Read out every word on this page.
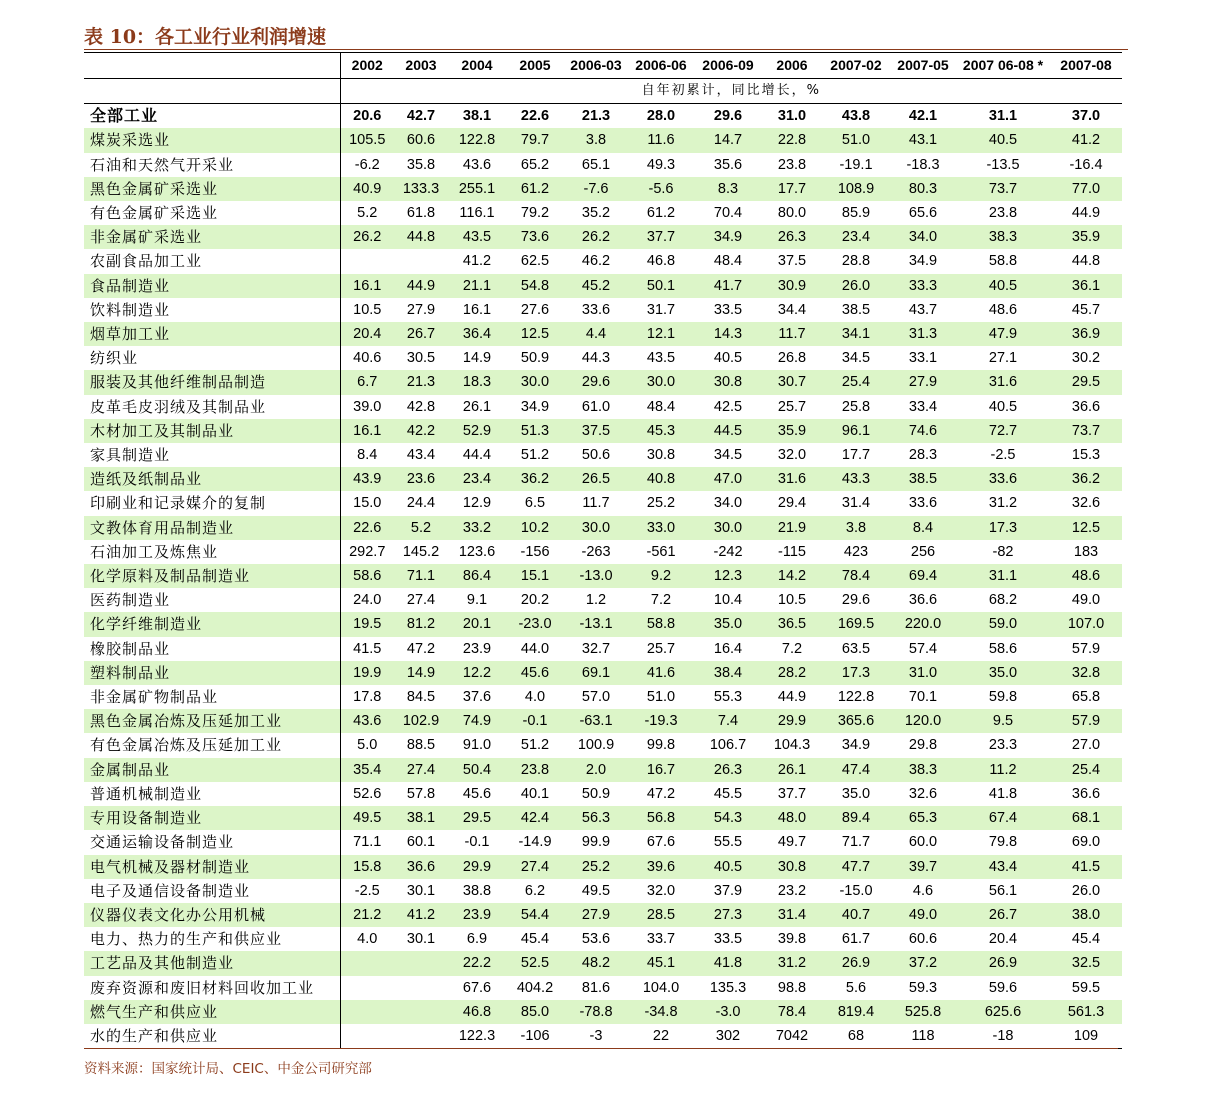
表 10：各工业行业利润增速
	2002	2003	2004	2005	2006-03	2006-06	2006-09	2006	2007-02	2007-05	2007 06-08 *	2007-08
	自年初累计，同比增长，%											
全部工业	20.6	42.7	38.1	22.6	21.3	28.0	29.6	31.0	43.8	42.1	31.1	37.0
煤炭采选业	105.5	60.6	122.8	79.7	3.8	11.6	14.7	22.8	51.0	43.1	40.5	41.2
石油和天然气开采业	-6.2	35.8	43.6	65.2	65.1	49.3	35.6	23.8	-19.1	-18.3	-13.5	-16.4
黑色金属矿采选业	40.9	133.3	255.1	61.2	-7.6	-5.6	8.3	17.7	108.9	80.3	73.7	77.0
有色金属矿采选业	5.2	61.8	116.1	79.2	35.2	61.2	70.4	80.0	85.9	65.6	23.8	44.9
非金属矿采选业	26.2	44.8	43.5	73.6	26.2	37.7	34.9	26.3	23.4	34.0	38.3	35.9
农副食品加工业			41.2	62.5	46.2	46.8	48.4	37.5	28.8	34.9	58.8	44.8
食品制造业	16.1	44.9	21.1	54.8	45.2	50.1	41.7	30.9	26.0	33.3	40.5	36.1
饮料制造业	10.5	27.9	16.1	27.6	33.6	31.7	33.5	34.4	38.5	43.7	48.6	45.7
烟草加工业	20.4	26.7	36.4	12.5	4.4	12.1	14.3	11.7	34.1	31.3	47.9	36.9
纺织业	40.6	30.5	14.9	50.9	44.3	43.5	40.5	26.8	34.5	33.1	27.1	30.2
服装及其他纤维制品制造	6.7	21.3	18.3	30.0	29.6	30.0	30.8	30.7	25.4	27.9	31.6	29.5
皮革毛皮羽绒及其制品业	39.0	42.8	26.1	34.9	61.0	48.4	42.5	25.7	25.8	33.4	40.5	36.6
木材加工及其制品业	16.1	42.2	52.9	51.3	37.5	45.3	44.5	35.9	96.1	74.6	72.7	73.7
家具制造业	8.4	43.4	44.4	51.2	50.6	30.8	34.5	32.0	17.7	28.3	-2.5	15.3
造纸及纸制品业	43.9	23.6	23.4	36.2	26.5	40.8	47.0	31.6	43.3	38.5	33.6	36.2
印刷业和记录媒介的复制	15.0	24.4	12.9	6.5	11.7	25.2	34.0	29.4	31.4	33.6	31.2	32.6
文教体育用品制造业	22.6	5.2	33.2	10.2	30.0	33.0	30.0	21.9	3.8	8.4	17.3	12.5
石油加工及炼焦业	292.7	145.2	123.6	-156	-263	-561	-242	-115	423	256	-82	183
化学原料及制品制造业	58.6	71.1	86.4	15.1	-13.0	9.2	12.3	14.2	78.4	69.4	31.1	48.6
医药制造业	24.0	27.4	9.1	20.2	1.2	7.2	10.4	10.5	29.6	36.6	68.2	49.0
化学纤维制造业	19.5	81.2	20.1	-23.0	-13.1	58.8	35.0	36.5	169.5	220.0	59.0	107.0
橡胶制品业	41.5	47.2	23.9	44.0	32.7	25.7	16.4	7.2	63.5	57.4	58.6	57.9
塑料制品业	19.9	14.9	12.2	45.6	69.1	41.6	38.4	28.2	17.3	31.0	35.0	32.8
非金属矿物制品业	17.8	84.5	37.6	4.0	57.0	51.0	55.3	44.9	122.8	70.1	59.8	65.8
黑色金属冶炼及压延加工业	43.6	102.9	74.9	-0.1	-63.1	-19.3	7.4	29.9	365.6	120.0	9.5	57.9
有色金属冶炼及压延加工业	5.0	88.5	91.0	51.2	100.9	99.8	106.7	104.3	34.9	29.8	23.3	27.0
金属制品业	35.4	27.4	50.4	23.8	2.0	16.7	26.3	26.1	47.4	38.3	11.2	25.4
普通机械制造业	52.6	57.8	45.6	40.1	50.9	47.2	45.5	37.7	35.0	32.6	41.8	36.6
专用设备制造业	49.5	38.1	29.5	42.4	56.3	56.8	54.3	48.0	89.4	65.3	67.4	68.1
交通运输设备制造业	71.1	60.1	-0.1	-14.9	99.9	67.6	55.5	49.7	71.7	60.0	79.8	69.0
电气机械及器材制造业	15.8	36.6	29.9	27.4	25.2	39.6	40.5	30.8	47.7	39.7	43.4	41.5
电子及通信设备制造业	-2.5	30.1	38.8	6.2	49.5	32.0	37.9	23.2	-15.0	4.6	56.1	26.0
仪器仪表文化办公用机械	21.2	41.2	23.9	54.4	27.9	28.5	27.3	31.4	40.7	49.0	26.7	38.0
电力、热力的生产和供应业	4.0	30.1	6.9	45.4	53.6	33.7	33.5	39.8	61.7	60.6	20.4	45.4
工艺品及其他制造业			22.2	52.5	48.2	45.1	41.8	31.2	26.9	37.2	26.9	32.5
废弃资源和废旧材料回收加工业			67.6	404.2	81.6	104.0	135.3	98.8	5.6	59.3	59.6	59.5
燃气生产和供应业			46.8	85.0	-78.8	-34.8	-3.0	78.4	819.4	525.8	625.6	561.3
水的生产和供应业			122.3	-106	-3	22	302	7042	68	118	-18	109
资料来源：国家统计局、CEIC、中金公司研究部
